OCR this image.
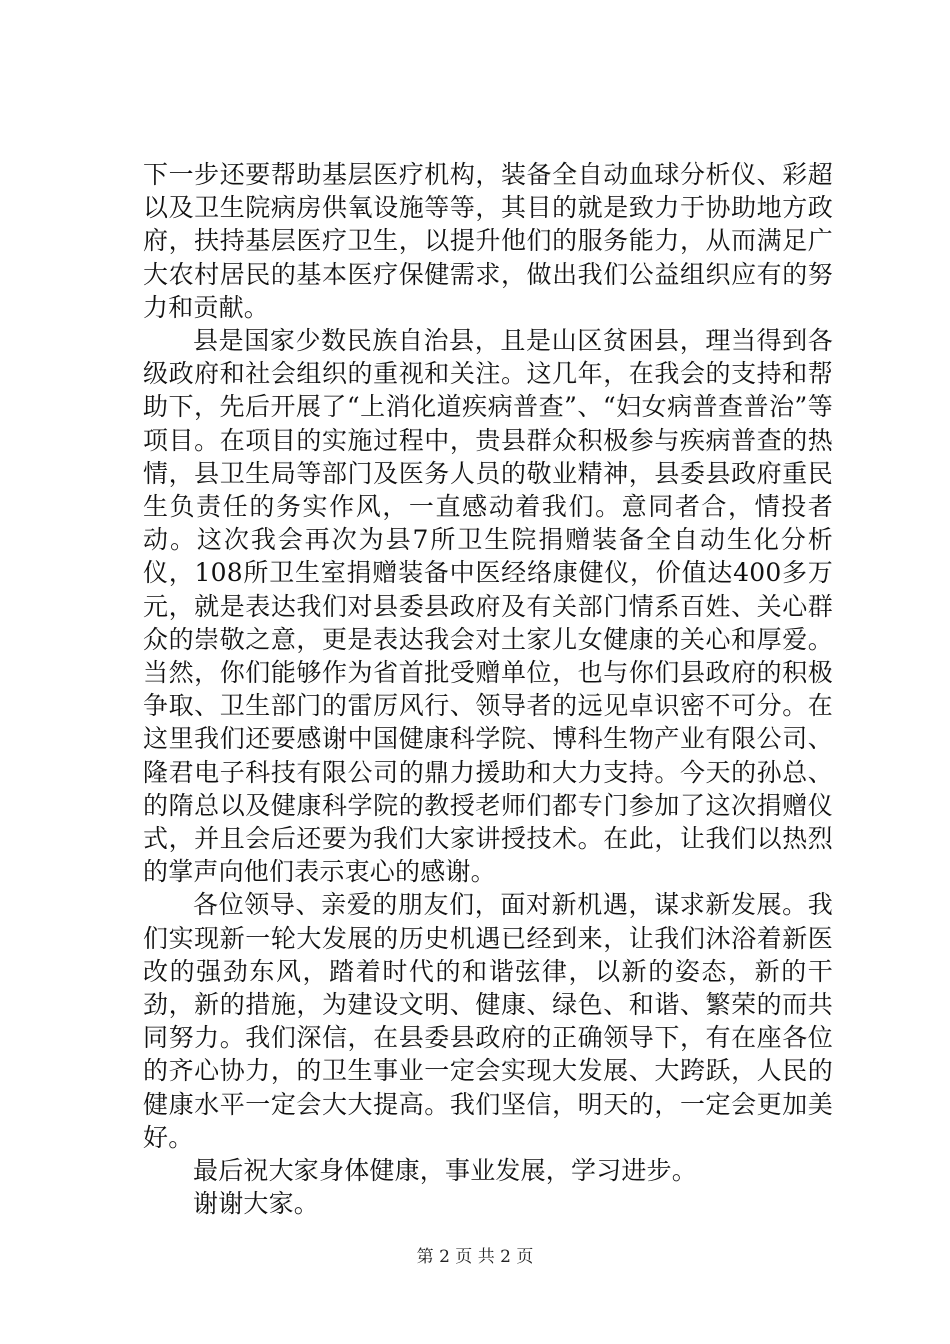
下一步还要帮助基层医疗机构，装备全自动血球分析仪、彩超以及卫生院病房供氧设施等等，其目的就是致力于协助地方政府，扶持基层医疗卫生，以提升他们的服务能力，从而满足广大农村居民的基本医疗保健需求，做出我们公益组织应有的努力和贡献。

县是国家少数民族自治县，且是山区贫困县，理当得到各级政府和社会组织的重视和关注。这几年，在我会的支持和帮助下，先后开展了“上消化道疾病普查”、“妇女病普查普治”等项目。在项目的实施过程中，贵县群众积极参与疾病普查的热情，县卫生局等部门及医务人员的敬业精神，县委县政府重民生负责任的务实作风，一直感动着我们。意同者合，情投者动。这次我会再次为县7所卫生院捐赠装备全自动生化分析仪，108所卫生室捐赠装备中医经络康健仪，价值达400多万元，就是表达我们对县委县政府及有关部门情系百姓、关心群众的崇敬之意，更是表达我会对土家儿女健康的关心和厚爱。当然，你们能够作为省首批受赠单位，也与你们县政府的积极争取、卫生部门的雷厉风行、领导者的远见卓识密不可分。在这里我们还要感谢中国健康科学院、博科生物产业有限公司、隆君电子科技有限公司的鼎力援助和大力支持。今天的孙总、的隋总以及健康科学院的教授老师们都专门参加了这次捐赠仪式，并且会后还要为我们大家讲授技术。在此，让我们以热烈的掌声向他们表示衷心的感谢。

各位领导、亲爱的朋友们，面对新机遇，谋求新发展。我们实现新一轮大发展的历史机遇已经到来，让我们沐浴着新医改的强劲东风，踏着时代的和谐弦律，以新的姿态，新的干劲，新的措施，为建设文明、健康、绿色、和谐、繁荣的而共同努力。我们深信，在县委县政府的正确领导下，有在座各位的齐心协力，的卫生事业一定会实现大发展、大跨跃，人民的健康水平一定会大大提高。我们坚信，明天的，一定会更加美好。

最后祝大家身体健康，事业发展，学习进步。

谢谢大家。

第 2 页 共 2 页
